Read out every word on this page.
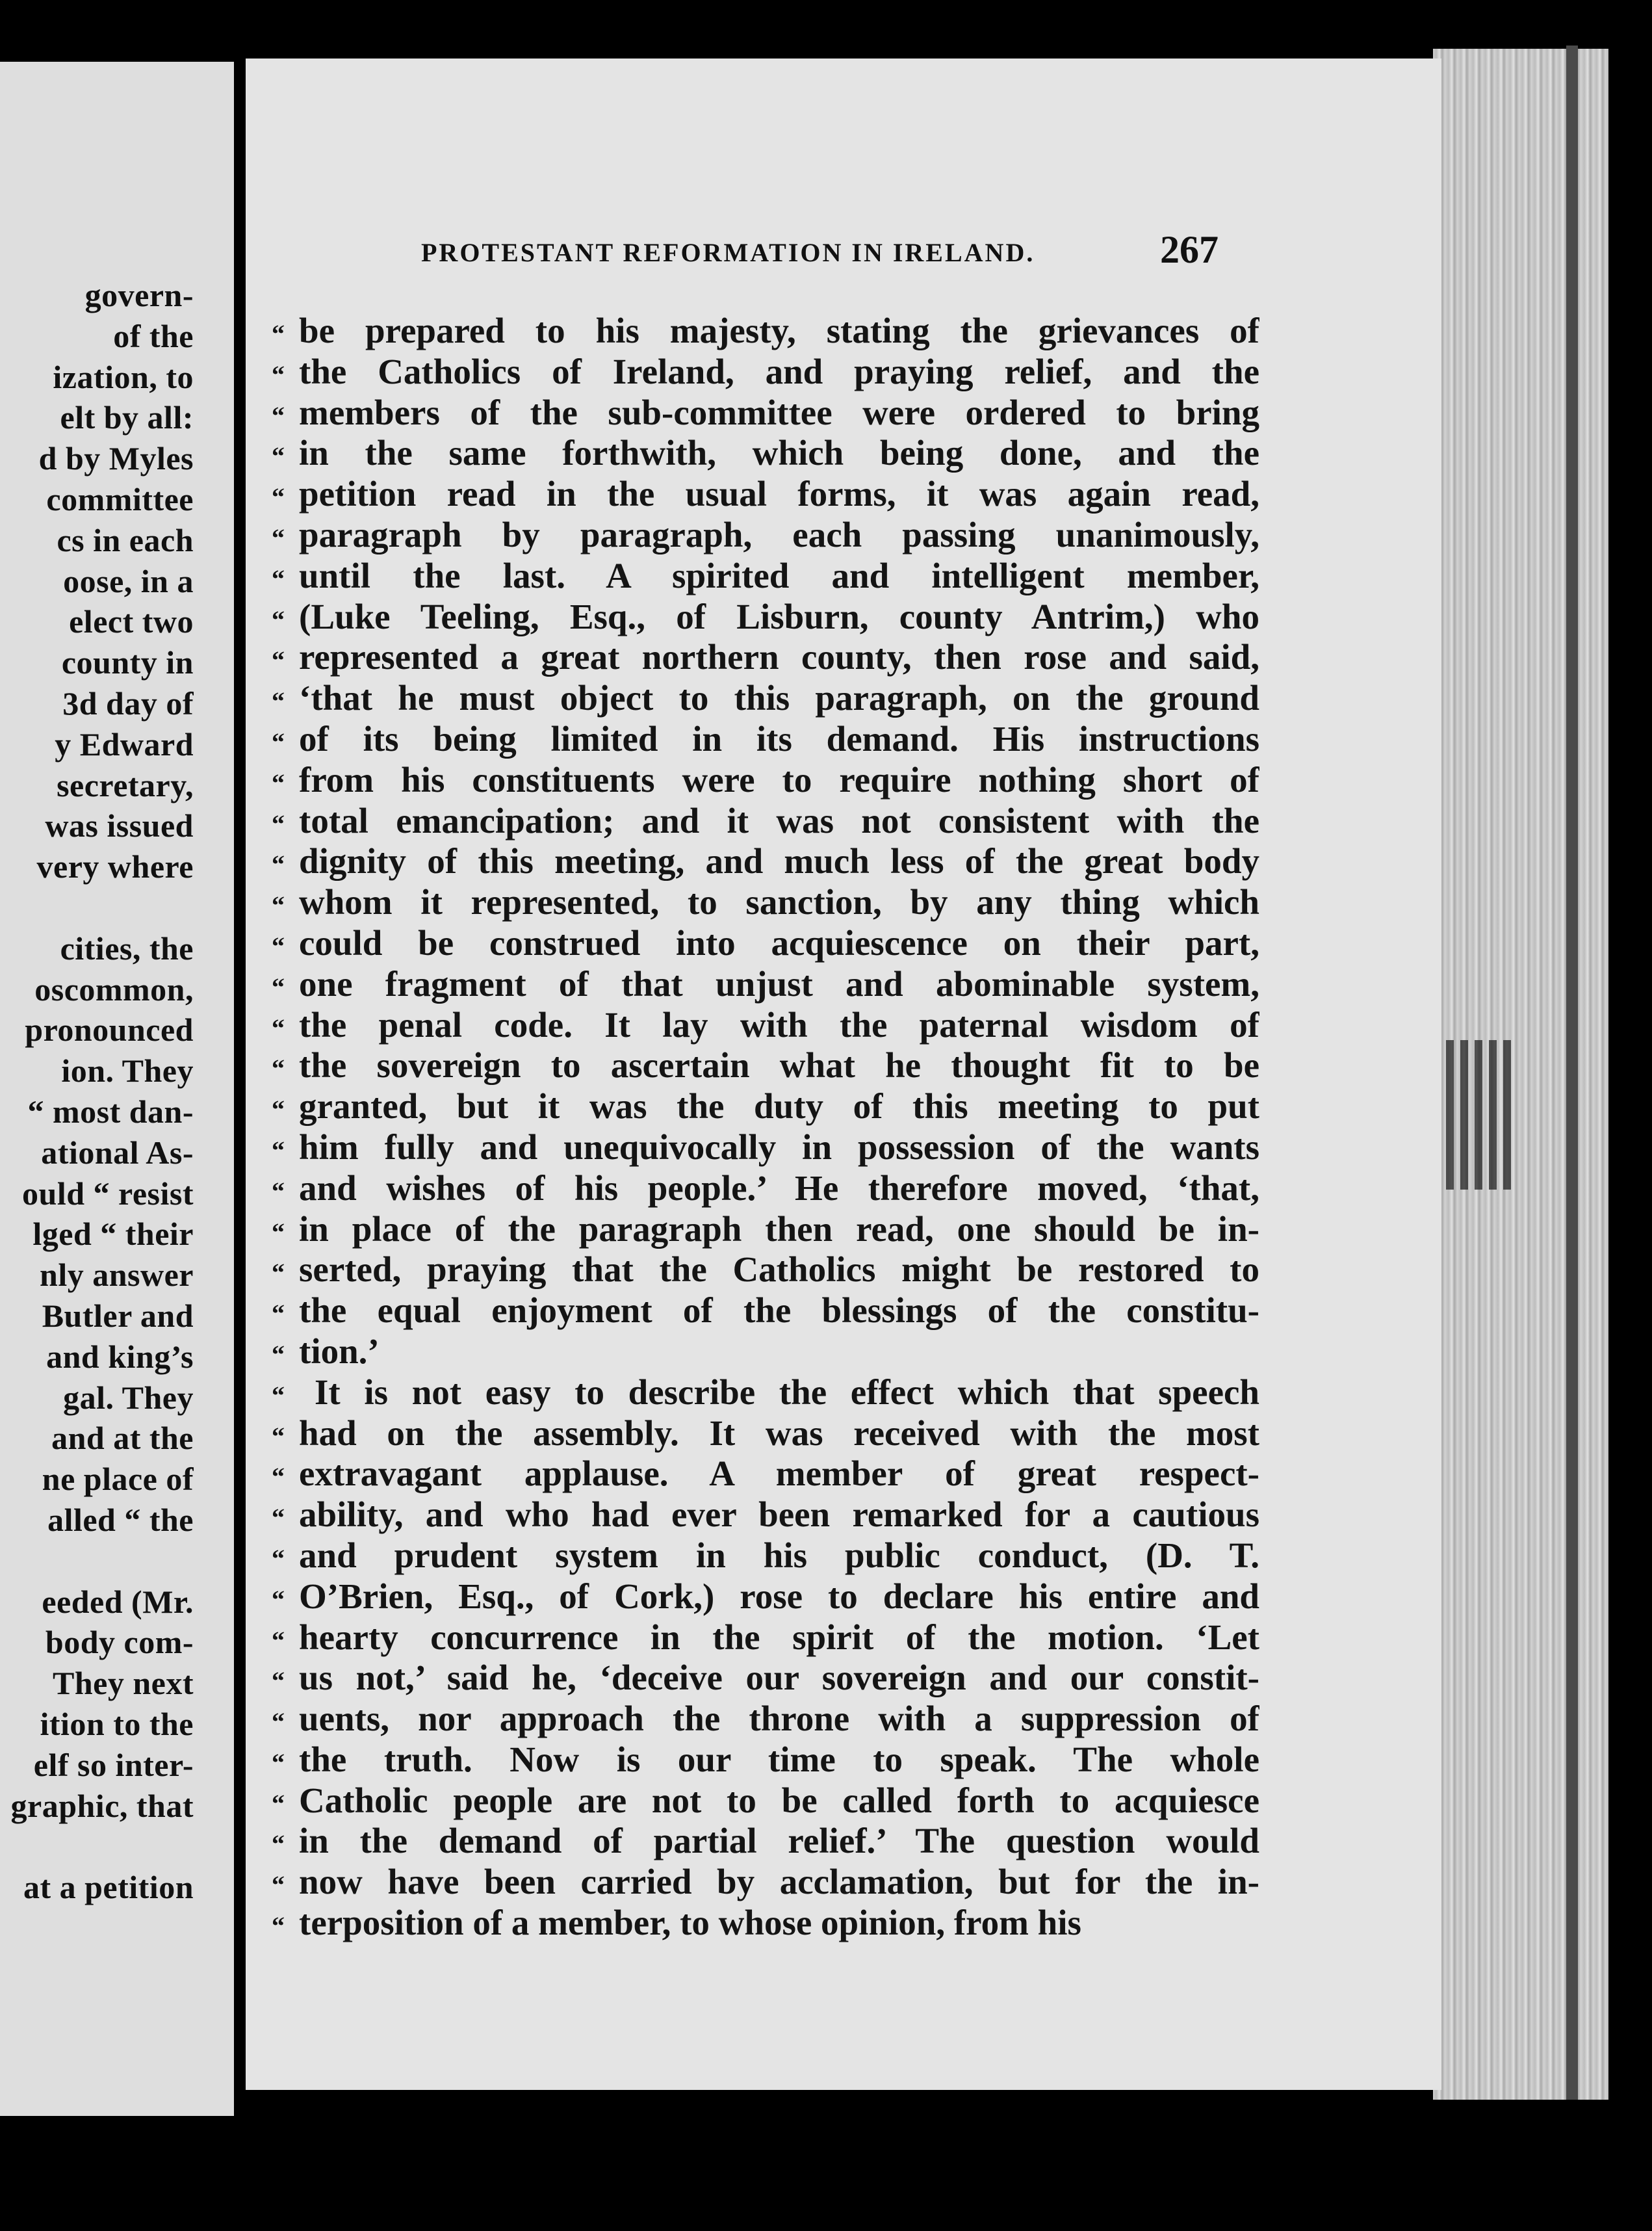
govern-
of the
ization, to
elt by all:
d by Myles
committee
cs in each
oose, in a
elect two
county in
3d day of
y Edward
secretary,
was issued
very where
cities, the
oscommon,
pronounced
ion. They
“ most dan-
ational As-
ould “ resist
lged “ their
nly answer
Butler and
and king’s
gal. They
and at the
ne place of
alled “ the
eeded (Mr.
body com-
They next
ition to the
elf so inter-
graphic, that
at a petition
PROTESTANT REFORMATION IN IRELAND.	267
“ be prepared to his majesty, stating the grievances of
“ the Catholics of Ireland, and praying relief, and the
“ members of the sub-committee were ordered to bring
“ in the same forthwith, which being done, and the
“ petition read in the usual forms, it was again read,
“ paragraph by paragraph, each passing unanimously,
“ until the last. A spirited and intelligent member,
“ (Luke Teeling, Esq., of Lisburn, county Antrim,) who
“ represented a great northern county, then rose and said,
“ ‘that he must object to this paragraph, on the ground
“ of its being limited in its demand. His instructions
“ from his constituents were to require nothing short of
“ total emancipation; and it was not consistent with the
“ dignity of this meeting, and much less of the great body
“ whom it represented, to sanction, by any thing which
“ could be construed into acquiescence on their part,
“ one fragment of that unjust and abominable system,
“ the penal code. It lay with the paternal wisdom of
“ the sovereign to ascertain what he thought fit to be
“ granted, but it was the duty of this meeting to put
“ him fully and unequivocally in possession of the wants
“ and wishes of his people.’ He therefore moved, ‘that,
“ in place of the paragraph then read, one should be in-
“ serted, praying that the Catholics might be restored to
“ the equal enjoyment of the blessings of the constitu-
“ tion.’
“ It is not easy to describe the effect which that speech
“ had on the assembly. It was received with the most
“ extravagant applause. A member of great respect-
“ ability, and who had ever been remarked for a cautious
“ and prudent system in his public conduct, (D. T.
“ O’Brien, Esq., of Cork,) rose to declare his entire and
“ hearty concurrence in the spirit of the motion. ‘Let
“ us not,’ said he, ‘deceive our sovereign and our constit-
“ uents, nor approach the throne with a suppression of
“ the truth. Now is our time to speak. The whole
“ Catholic people are not to be called forth to acquiesce
“ in the demand of partial relief.’ The question would
“ now have been carried by acclamation, but for the in-
“ terposition of a member, to whose opinion, from his
